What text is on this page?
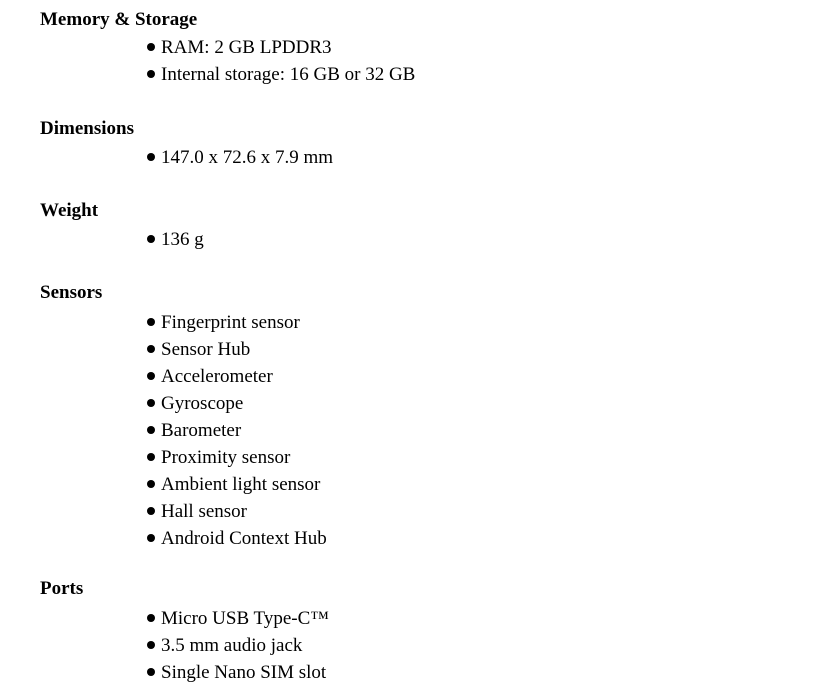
Memory & Storage
RAM: 2 GB LPDDR3
Internal storage: 16 GB or 32 GB
Dimensions
147.0 x 72.6 x 7.9 mm
Weight
136 g
Sensors
Fingerprint sensor
Sensor Hub
Accelerometer
Gyroscope
Barometer
Proximity sensor
Ambient light sensor
Hall sensor
Android Context Hub
Ports
Micro USB Type-C™
3.5 mm audio jack
Single Nano SIM slot
